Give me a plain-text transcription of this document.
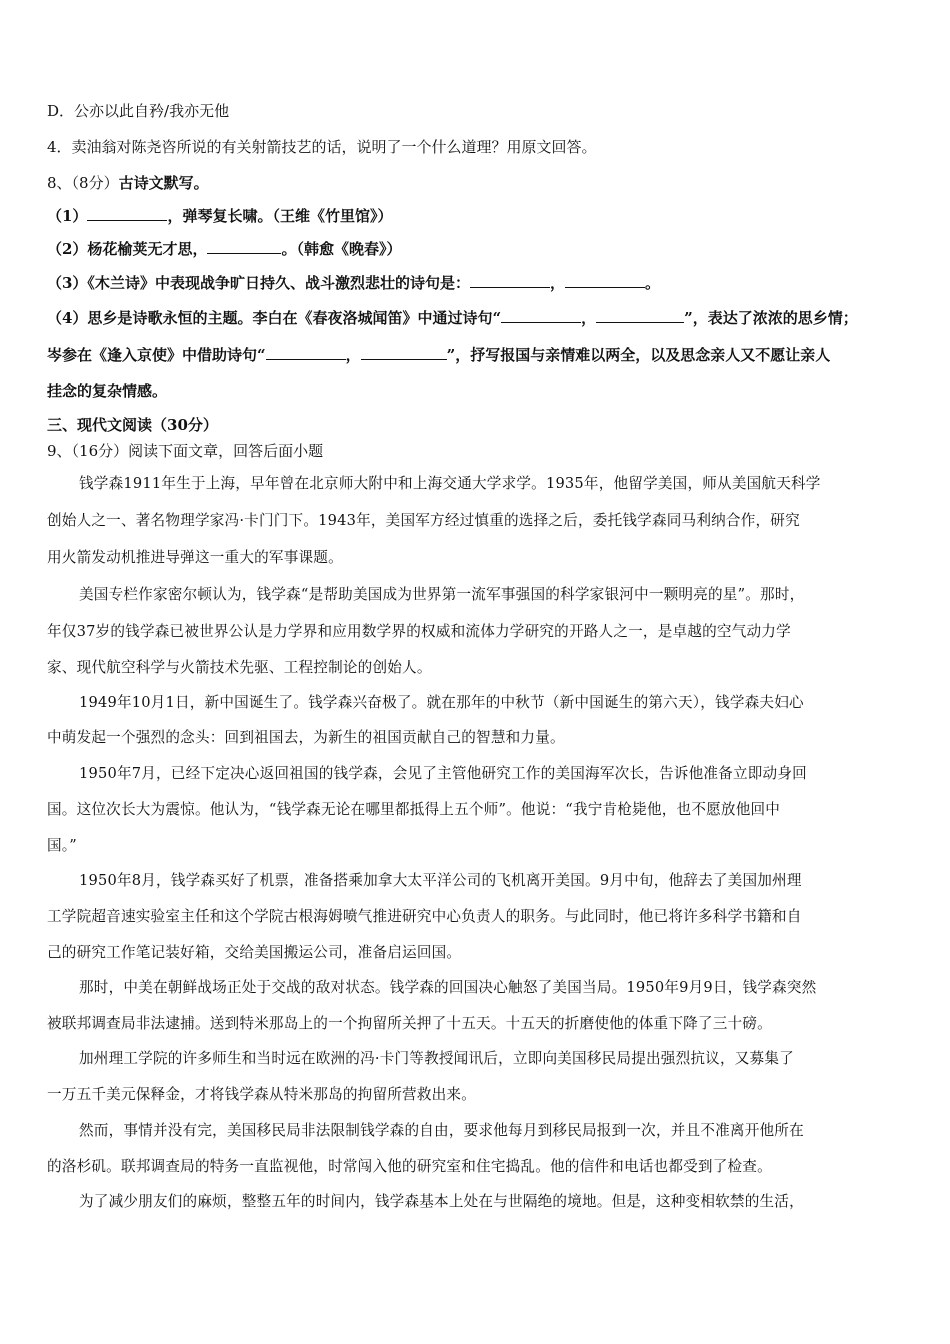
D．公亦以此自矜/我亦无他
4．卖油翁对陈尧咨所说的有关射箭技艺的话，说明了一个什么道理？用原文回答。
8、（8分）古诗文默写。
（1）	，弹琴复长啸。（王维《竹里馆》）
（2）杨花榆荚无才思，	。（韩愈《晚春》）
（3）《木兰诗》中表现战争旷日持久、战斗激烈悲壮的诗句是：	，	。
（4）思乡是诗歌永恒的主题。李白在《春夜洛城闻笛》中通过诗句“	，	”，表达了浓浓的思乡情；
岑参在《逢入京使》中借助诗句“	，	”，抒写报国与亲情难以两全，以及思念亲人又不愿让亲人
挂念的复杂情感。
三、现代文阅读（30分）
9、（16分）阅读下面文章，回答后面小题
钱学森1911年生于上海，早年曾在北京师大附中和上海交通大学求学。1935年，他留学美国，师从美国航天科学
创始人之一、著名物理学家冯·卡门门下。1943年，美国军方经过慎重的选择之后，委托钱学森同马利纳合作，研究
用火箭发动机推进导弹这一重大的军事课题。
美国专栏作家密尔顿认为，钱学森“是帮助美国成为世界第一流军事强国的科学家银河中一颗明亮的星”。那时，
年仅37岁的钱学森已被世界公认是力学界和应用数学界的权威和流体力学研究的开路人之一，是卓越的空气动力学
家、现代航空科学与火箭技术先驱、工程控制论的创始人。
1949年10月1日，新中国诞生了。钱学森兴奋极了。就在那年的中秋节（新中国诞生的第六天），钱学森夫妇心
中萌发起一个强烈的念头：回到祖国去，为新生的祖国贡献自己的智慧和力量。
1950年7月，已经下定决心返回祖国的钱学森，会见了主管他研究工作的美国海军次长，告诉他准备立即动身回
国。这位次长大为震惊。他认为，“钱学森无论在哪里都抵得上五个师”。他说：“我宁肯枪毙他，也不愿放他回中
国。”
1950年8月，钱学森买好了机票，准备搭乘加拿大太平洋公司的飞机离开美国。9月中旬，他辞去了美国加州理
工学院超音速实验室主任和这个学院古根海姆喷气推进研究中心负责人的职务。与此同时，他已将许多科学书籍和自
己的研究工作笔记装好箱，交给美国搬运公司，准备启运回国。
那时，中美在朝鲜战场正处于交战的敌对状态。钱学森的回国决心触怒了美国当局。1950年9月9日，钱学森突然
被联邦调查局非法逮捕。送到特米那岛上的一个拘留所关押了十五天。十五天的折磨使他的体重下降了三十磅。
加州理工学院的许多师生和当时远在欧洲的冯·卡门等教授闻讯后，立即向美国移民局提出强烈抗议，又募集了
一万五千美元保释金，才将钱学森从特米那岛的拘留所营救出来。
然而，事情并没有完，美国移民局非法限制钱学森的自由，要求他每月到移民局报到一次，并且不准离开他所在
的洛杉矶。联邦调查局的特务一直监视他，时常闯入他的研究室和住宅捣乱。他的信件和电话也都受到了检查。
为了减少朋友们的麻烦，整整五年的时间内，钱学森基本上处在与世隔绝的境地。但是，这种变相软禁的生活，
